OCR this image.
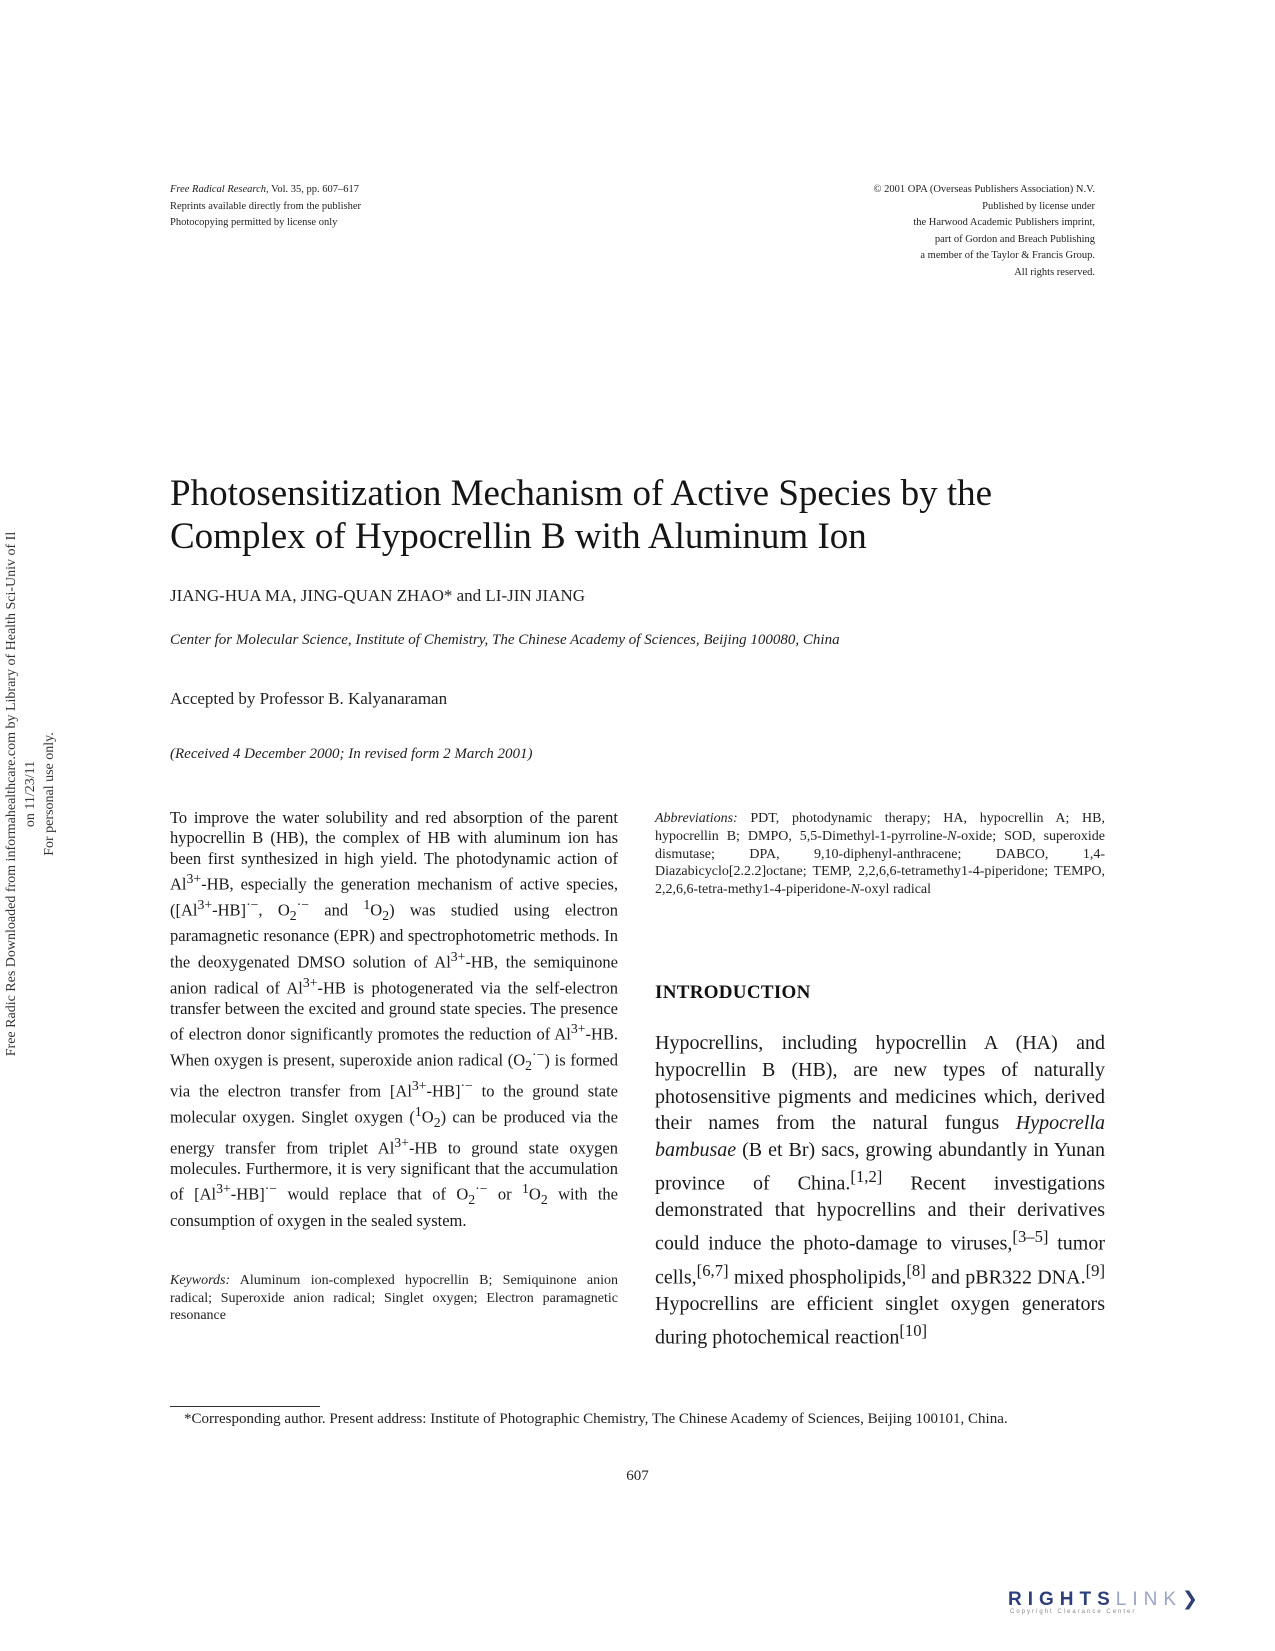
Free Radical Research, Vol. 35, pp. 607–617
Reprints available directly from the publisher
Photocopying permitted by license only
© 2001 OPA (Overseas Publishers Association) N.V.
Published by license under
the Harwood Academic Publishers imprint,
part of Gordon and Breach Publishing
a member of the Taylor & Francis Group.
All rights reserved.
Free Radic Res Downloaded from informahealthcare.com by Library of Health Sci-Univ of Il on 11/23/11 For personal use only.
Photosensitization Mechanism of Active Species by the
Complex of Hypocrellin B with Aluminum Ion
JIANG-HUA MA, JING-QUAN ZHAO* and LI-JIN JIANG
Center for Molecular Science, Institute of Chemistry, The Chinese Academy of Sciences, Beijing 100080, China
Accepted by Professor B. Kalyanaraman
(Received 4 December 2000; In revised form 2 March 2001)
To improve the water solubility and red absorption of the parent hypocrellin B (HB), the complex of HB with aluminum ion has been first synthesized in high yield. The photodynamic action of $Al^{3+}-HB$, especially the generation mechanism of active species, ($[Al^{3+}-HB]^{\cdot-}$, $O_2^{\cdot-}$ and $^1O_2$) was studied using electron paramagnetic resonance (EPR) and spectrophotometric methods. In the deoxygenated DMSO solution of $Al^{3+}-HB$, the semiquinone anion radical of $Al^{3+}-HB$ is photogenerated via the self-electron transfer between the excited and ground state species. The presence of electron donor significantly promotes the reduction of $Al^{3+}-HB$. When oxygen is present, superoxide anion radical $(O_2^{\cdot-})$ is formed via the electron transfer from $[Al^{3+}-HB]^{\cdot-}$ to the ground state molecular oxygen. Singlet oxygen $(^1O_2)$ can be produced via the energy transfer from triplet $Al^{3+}-HB$ to ground state oxygen molecules. Furthermore, it is very significant that the accumulation of $[Al^{3+}-HB]^{\cdot-}$ would replace that of $O_2^{\cdot-}$ or $^1O_2$ with the consumption of oxygen in the sealed system.
Keywords: Aluminum ion-complexed hypocrellin B; Semiquinone anion radical; Superoxide anion radical; Singlet oxygen; Electron paramagnetic resonance
Abbreviations: PDT, photodynamic therapy; HA, hypocrellin A; HB, hypocrellin B; DMPO, 5,5-Dimethyl-1-pyrroline-N-oxide; SOD, superoxide dismutase; DPA, 9,10-diphenyl-anthracene; DABCO, 1,4-Diazabicyclo[2.2.2]octane; TEMP, 2,2,6,6-tetramethy1-4-piperidone; TEMPO, 2,2,6,6-tetra-methy1-4-piperidone-N-oxyl radical
INTRODUCTION
Hypocrellins, including hypocrellin A (HA) and hypocrellin B (HB), are new types of naturally photosensitive pigments and medicines which, derived their names from the natural fungus Hypocrella bambusae (B et Br) sacs, growing abundantly in Yunan province of China.[1,2] Recent investigations demonstrated that hypocrellins and their derivatives could induce the photo-damage to viruses,[3–5] tumor cells,[6,7] mixed phospholipids,[8] and pBR322 DNA.[9] Hypocrellins are efficient singlet oxygen generators during photochemical reaction[10]
*Corresponding author. Present address: Institute of Photographic Chemistry, The Chinese Academy of Sciences, Beijing 100101, China.
607
RIGHTSLINK❯
Copyright Clearance Center
